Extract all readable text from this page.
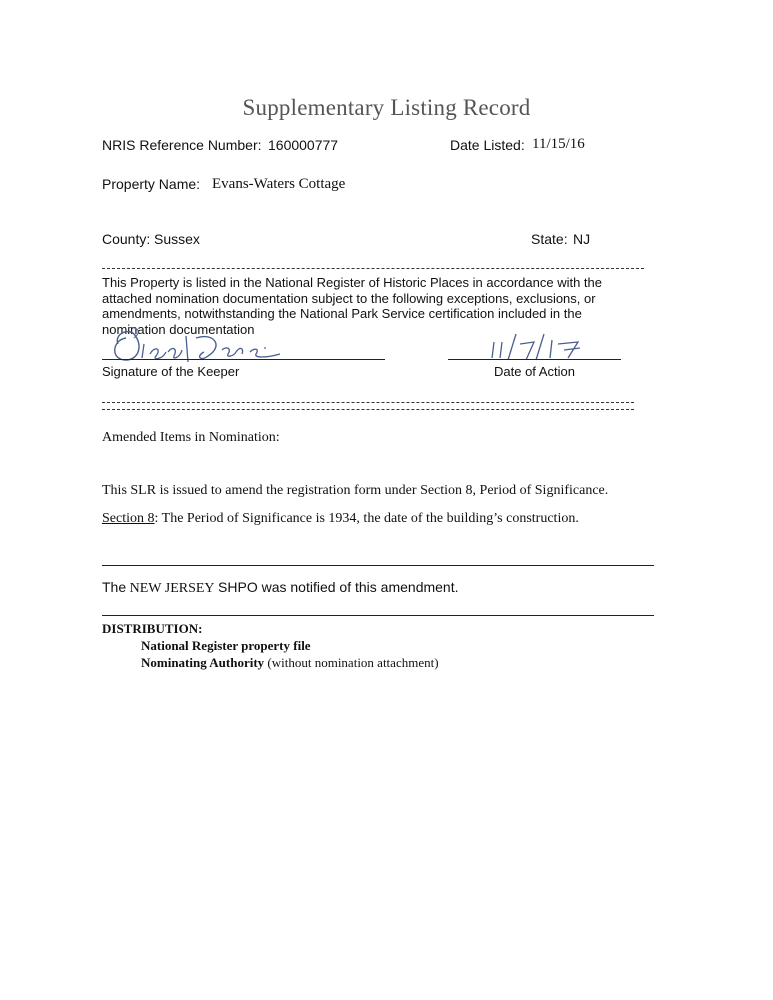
Supplementary Listing Record
NRIS Reference Number: 160000777	Date Listed: 11/15/16
Property Name: Evans-Waters Cottage
County: Sussex	State: NJ
This Property is listed in the National Register of Historic Places in accordance with the attached nomination documentation subject to the following exceptions, exclusions, or amendments, notwithstanding the National Park Service certification included in the nomination documentation
Signature of the Keeper	Date of Action
Amended Items in Nomination:
This SLR is issued to amend the registration form under Section 8, Period of Significance.
Section 8: The Period of Significance is 1934, the date of the building’s construction.
The NEW JERSEY SHPO was notified of this amendment.
DISTRIBUTION:
National Register property file
Nominating Authority (without nomination attachment)
